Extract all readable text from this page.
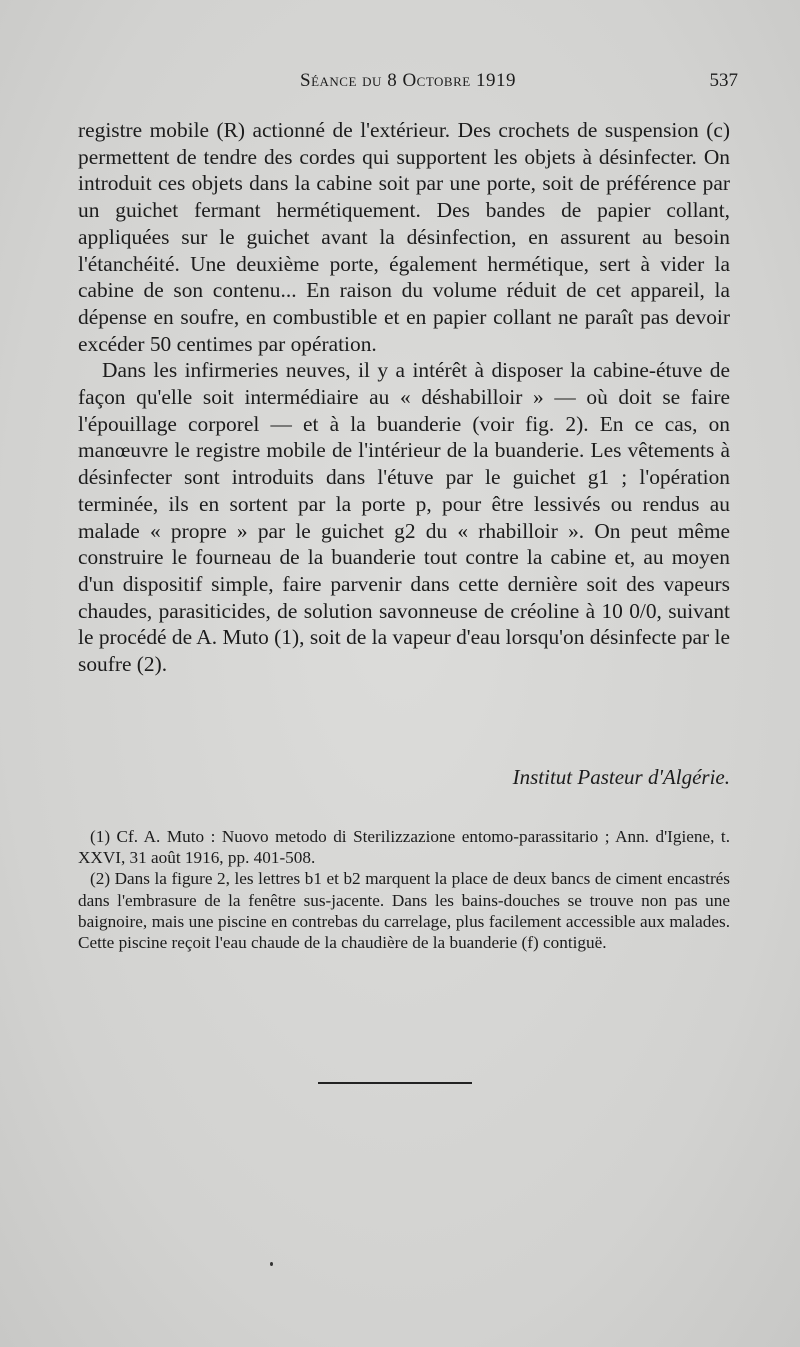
Séance du 8 Octobre 1919	537

registre mobile (R) actionné de l'extérieur. Des crochets de suspension (c) permettent de tendre des cordes qui supportent les objets à désinfecter. On introduit ces objets dans la cabine soit par une porte, soit de préférence par un guichet fermant hermétiquement. Des bandes de papier collant, appliquées sur le guichet avant la désinfection, en assurent au besoin l'étanchéité. Une deuxième porte, également hermétique, sert à vider la cabine de son contenu... En raison du volume réduit de cet appareil, la dépense en soufre, en combustible et en papier collant ne paraît pas devoir excéder 50 centimes par opération.

Dans les infirmeries neuves, il y a intérêt à disposer la cabine-étuve de façon qu'elle soit intermédiaire au « déshabilloir » — où doit se faire l'épouillage corporel — et à la buanderie (voir fig. 2). En ce cas, on manœuvre le registre mobile de l'intérieur de la buanderie. Les vêtements à désinfecter sont introduits dans l'étuve par le guichet g1 ; l'opération terminée, ils en sortent par la porte p, pour être lessivés ou rendus au malade « propre » par le guichet g2 du « rhabilloir ». On peut même construire le fourneau de la buanderie tout contre la cabine et, au moyen d'un dispositif simple, faire parvenir dans cette dernière soit des vapeurs chaudes, parasiticides, de solution savonneuse de créoline à 10 0/0, suivant le procédé de A. Muto (1), soit de la vapeur d'eau lorsqu'on désinfecte par le soufre (2).

Institut Pasteur d'Algérie.

(1) Cf. A. Muto : Nuovo metodo di Sterilizzazione entomo-parassitario ; Ann. d'Igiene, t. XXVI, 31 août 1916, pp. 401-508.

(2) Dans la figure 2, les lettres b1 et b2 marquent la place de deux bancs de ciment encastrés dans l'embrasure de la fenêtre sus-jacente. Dans les bains-douches se trouve non pas une baignoire, mais une piscine en contrebas du carrelage, plus facilement accessible aux malades. Cette piscine reçoit l'eau chaude de la chaudière de la buanderie (f) contiguë.
